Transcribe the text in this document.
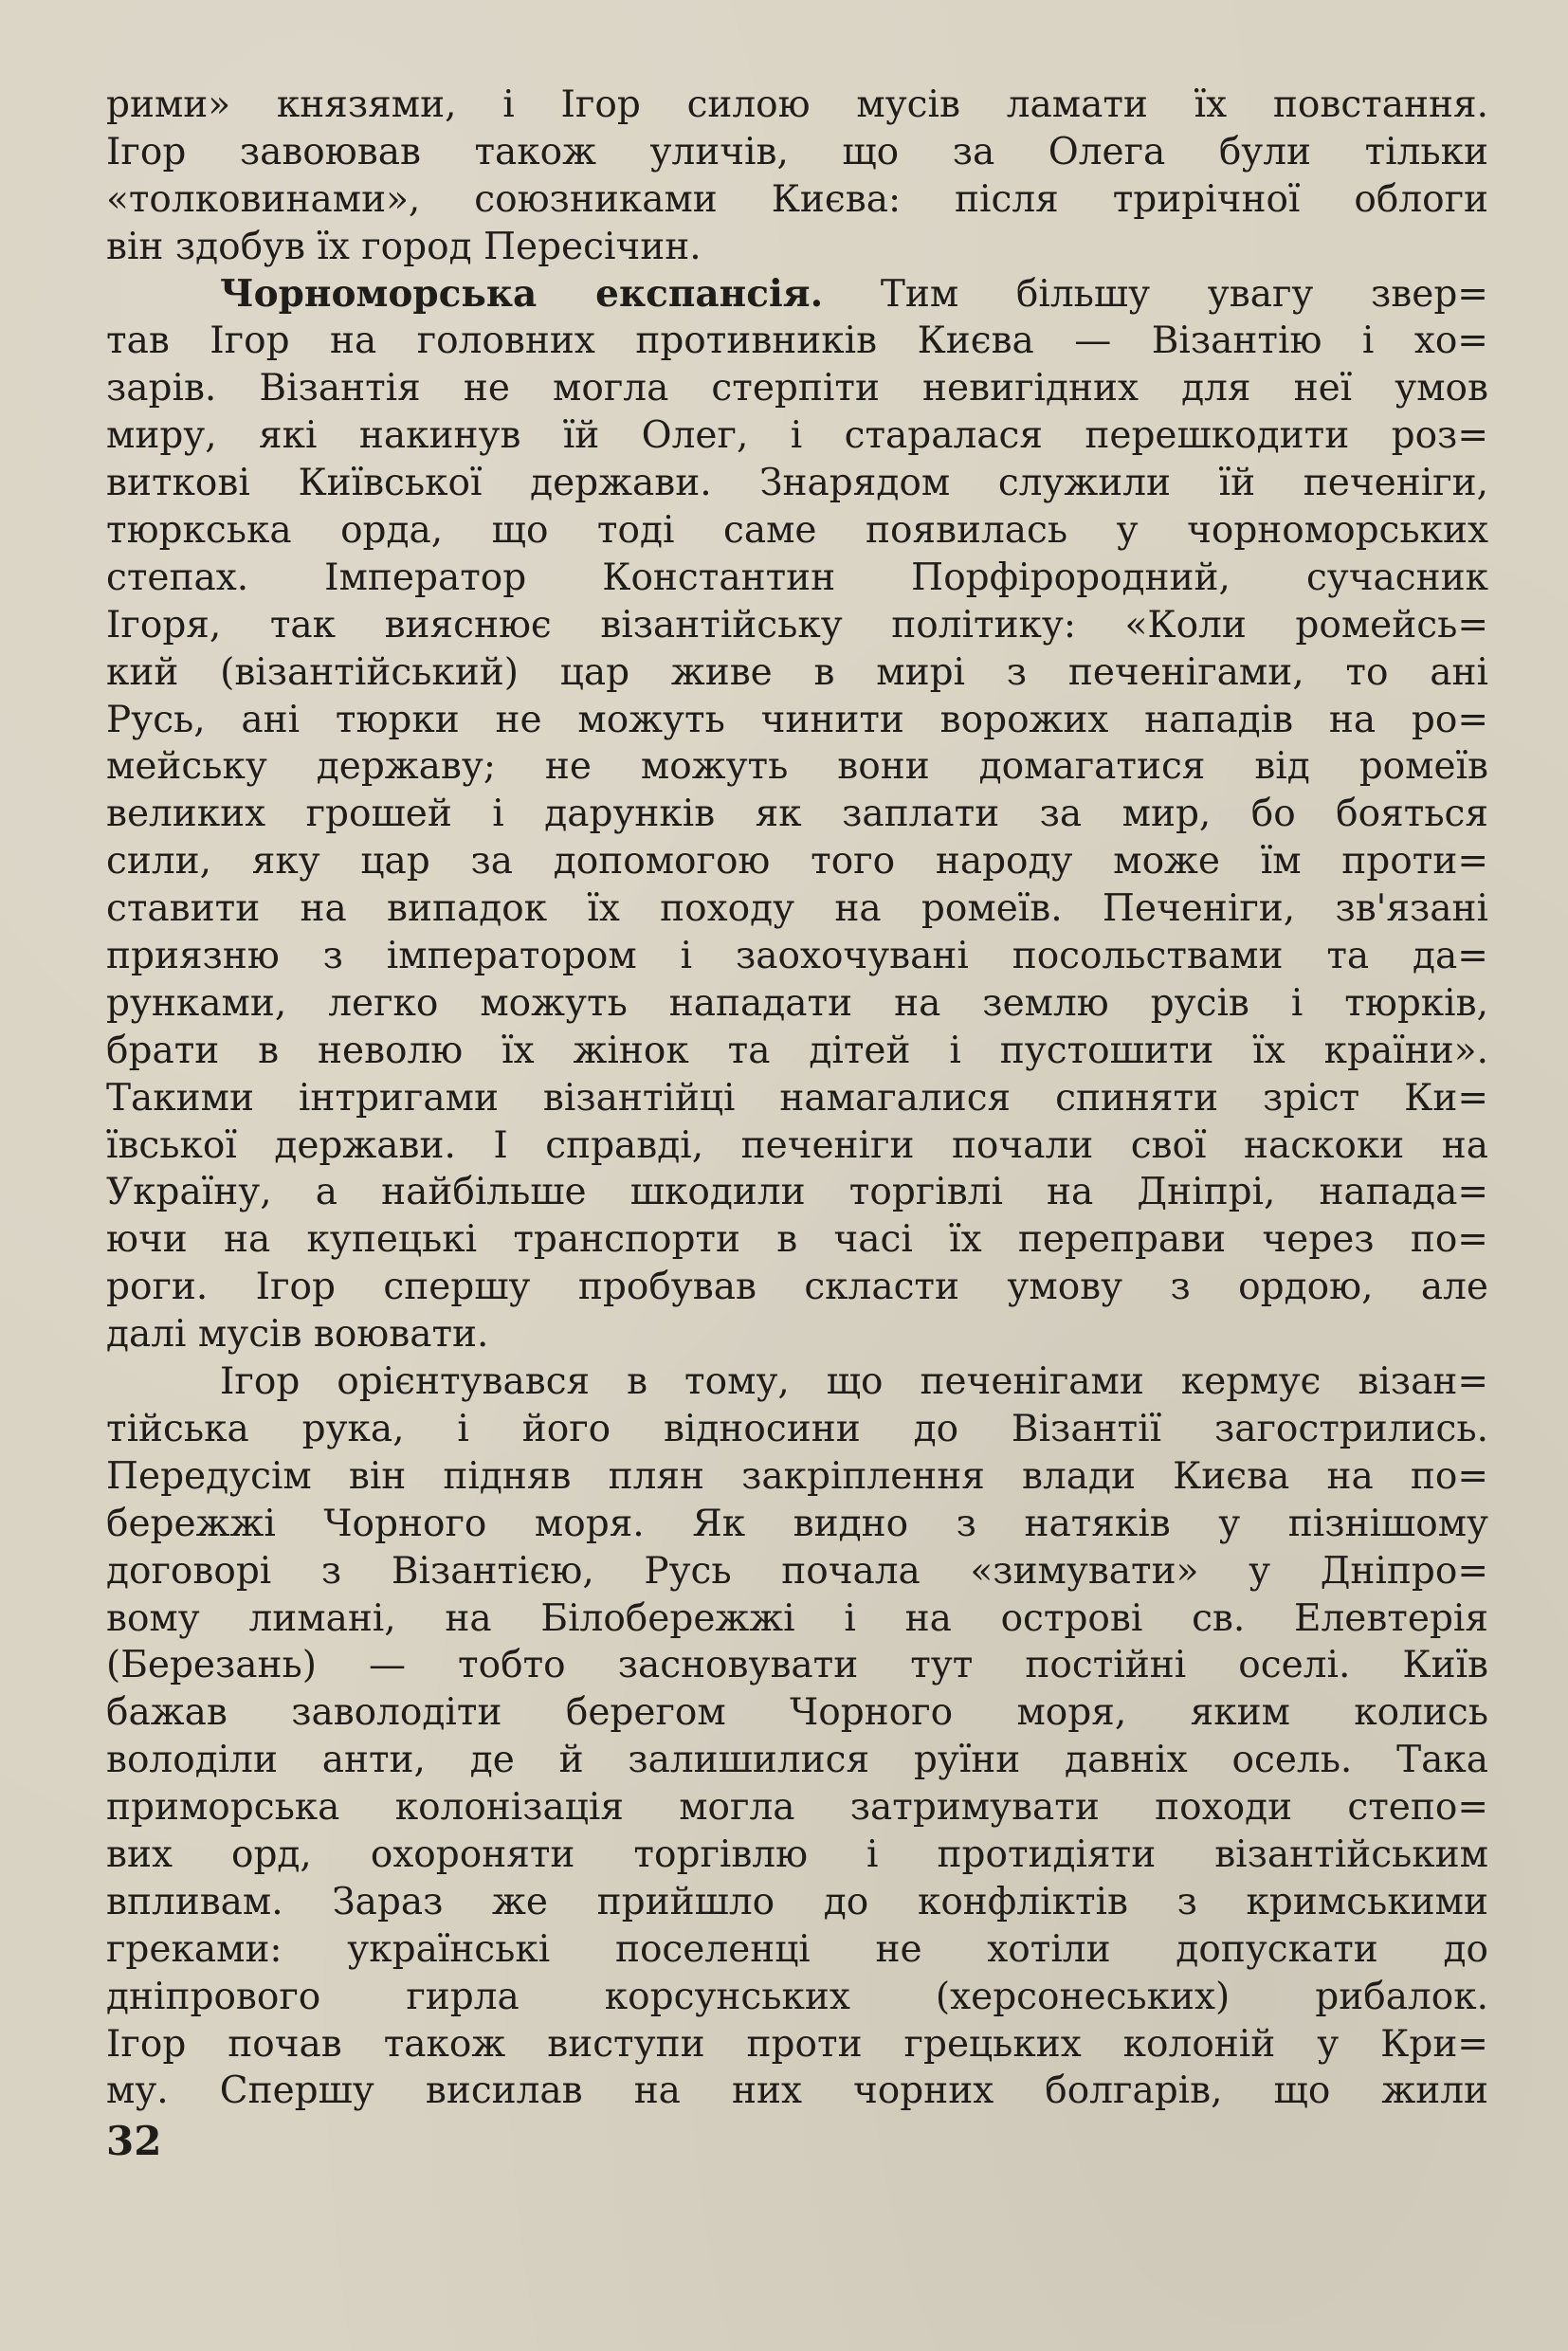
рими» князями, і Ігор силою мусів ламати їх повстання.
Ігор завоював також уличів, що за Олега були тільки
«толковинами», союзниками Києва: після трирічної облоги
він здобув їх город Пересічин.
Чорноморська експансія. Тим більшу увагу звер=
тав Ігор на головних противників Києва — Візантію і хо=
зарів. Візантія не могла стерпіти невигідних для неї умов
миру, які накинув їй Олег, і старалася перешкодити роз=
виткові Київської держави. Знарядом служили їй печеніги,
тюркська орда, що тоді саме появилась у чорноморських
степах. Імператор Константин Порфірородний, сучасник
Ігоря, так вияснює візантійську політику: «Коли ромейсь=
кий (візантійський) цар живе в мирі з печенігами, то ані
Русь, ані тюрки не можуть чинити ворожих нападів на ро=
мейську державу; не можуть вони домагатися від ромеїв
великих грошей і дарунків як заплати за мир, бо бояться
сили, яку цар за допомогою того народу може їм проти=
ставити на випадок їх походу на ромеїв. Печеніги, зв'язані
приязню з імператором і заохочувані посольствами та да=
рунками, легко можуть нападати на землю русів і тюрків,
брати в неволю їх жінок та дітей і пустошити їх країни».
Такими інтригами візантійці намагалися спиняти зріст Ки=
ївської держави. І справді, печеніги почали свої наскоки на
Україну, а найбільше шкодили торгівлі на Дніпрі, напада=
ючи на купецькі транспорти в часі їх переправи через по=
роги. Ігор спершу пробував скласти умову з ордою, але
далі мусів воювати.
Ігор орієнтувався в тому, що печенігами кермує візан=
тійська рука, і його відносини до Візантії загострились.
Передусім він підняв плян закріплення влади Києва на по=
бережжі Чорного моря. Як видно з натяків у пізнішому
договорі з Візантією, Русь почала «зимувати» у Дніпро=
вому лимані, на Білобережжі і на острові св. Елевтерія
(Березань) — тобто засновувати тут постійні оселі. Київ
бажав заволодіти берегом Чорного моря, яким колись
володіли анти, де й залишилися руїни давніх осель. Така
приморська колонізація могла затримувати походи степо=
вих орд, охороняти торгівлю і протидіяти візантійським
впливам. Зараз же прийшло до конфліктів з кримськими
греками: українські поселенці не хотіли допускати до
дніпрового гирла корсунських (херсонеських) рибалок.
Ігор почав також виступи проти грецьких колоній у Кри=
му. Спершу висилав на них чорних болгарів, що жили
32
